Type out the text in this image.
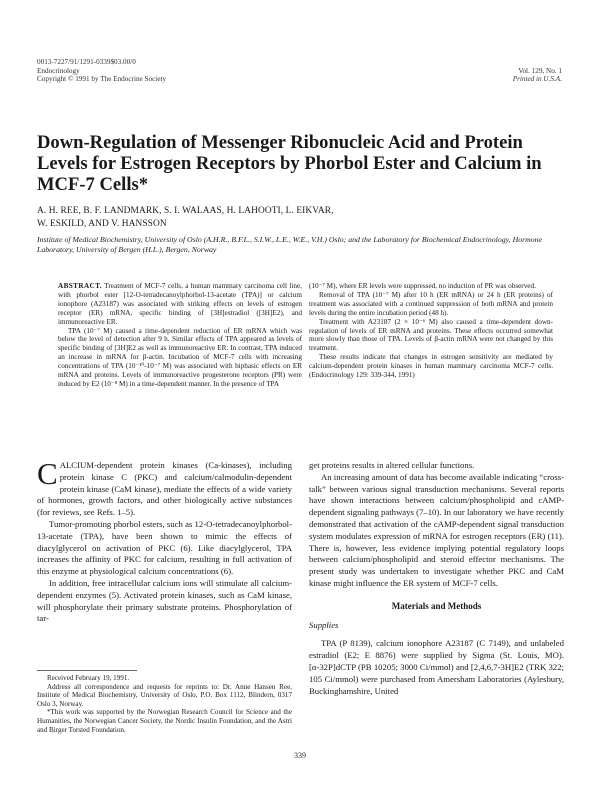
0013-7227/91/1291-0339$03.00/0
Endocrinology
Copyright © 1991 by The Endocrine Society

Vol. 129, No. 1
Printed in U.S.A.
Down-Regulation of Messenger Ribonucleic Acid and Protein Levels for Estrogen Receptors by Phorbol Ester and Calcium in MCF-7 Cells*
A. H. REE, B. F. LANDMARK, S. I. WALAAS, H. LAHOOTI, L. EIKVAR,
W. ESKILD, AND V. HANSSON
Institute of Medical Biochemistry, University of Oslo (A.H.R., B.F.L., S.I.W., L.E., W.E., V.H.) Oslo; and the Laboratory for Biochemical Endocrinology, Hormone Laboratory, University of Bergen (H.L.), Bergen, Norway

ABSTRACT. Treatment of MCF-7 cells, a human mammary carcinoma cell line, with phorbol ester [12-O-tetradecanoylphorbol-13-acetate (TPA)] or calcium ionophore (A23187) was associated with striking effects on levels of estrogen receptor (ER) mRNA, specific binding of [3H]estradiol ([3H]E2), and immunoreactive ER.

TPA (10⁻⁷ M) caused a time-dependent reduction of ER mRNA which was below the level of detection after 9 h. Similar effects of TPA appeared as levels of specific binding of [3H]E2 as well as immunoreactive ER. In contrast, TPA induced an increase in mRNA for β-actin. Incubation of MCF-7 cells with increasing concentrations of TPA (10⁻¹⁰-10⁻⁷ M) was associated with biphasic effects on ER mRNA and proteins. Levels of immunoreactive progesterone receptors (PR) were induced by E2 (10⁻⁸ M) in a time-dependent manner. In the presence of TPA

(10⁻⁷ M), where ER levels were suppressed, no induction of PR was observed.

Removal of TPA (10⁻⁷ M) after 10 h (ER mRNA) or 24 h (ER proteins) of treatment was associated with a continued suppression of both mRNA and protein levels during the entire incubation period (48 h).

Treatment with A23187 (2 × 10⁻⁶ M) also caused a time-dependent down-regulation of levels of ER mRNA and proteins. These effects occurred somewhat more slowly than those of TPA. Levels of β-actin mRNA were not changed by this treatment.

These results indicate that changes in estrogen sensitivity are mediated by calcium-dependent protein kinases in human mammary carcinoma MCF-7 cells. (Endocrinology 129: 339-344, 1991)

CALCIUM-dependent protein kinases (Ca-kinases), including protein kinase C (PKC) and calcium/calmodulin-dependent protein kinase (CaM kinase), mediate the effects of a wide variety of hormones, growth factors, and other biologically active substances (for reviews, see Refs. 1–5).

Tumor-promoting phorbol esters, such as 12-O-tetradecanoylphorbol-13-acetate (TPA), have been shown to mimic the effects of diacylglycerol on activation of PKC (6). Like diacylglycerol, TPA increases the affinity of PKC for calcium, resulting in full activation of this enzyme at physiological calcium concentrations (6).

In addition, free intracellular calcium ions will stimulate all calcium-dependent enzymes (5). Activated protein kinases, such as CaM kinase, will phosphorylate their primary substrate proteins. Phosphorylation of tar-

get proteins results in altered cellular functions.

An increasing amount of data has become available indicating “cross-talk” between various signal transduction mechanisms. Several reports have shown interactions between calcium/phospholipid and cAMP-dependent signaling pathways (7–10). In our laboratory we have recently demonstrated that activation of the cAMP-dependent signal transduction system modulates expression of mRNA for estrogen receptors (ER) (11). There is, however, less evidence implying potential regulatory loops between calcium/phospholipid and steroid effector mechanisms. The present study was undertaken to investigate whether PKC and CaM kinase might influence the ER system of MCF-7 cells.

Materials and Methods
Supplies

TPA (P 8139), calcium ionophore A23187 (C 7149), and unlabeled estradiol (E2; E 8876) were supplied by Sigma (St. Louis, MO). [α-32P]dCTP (PB 10205; 3000 Ci/mmol) and [2,4,6,7-3H]E2 (TRK 322; 105 Ci/mmol) were purchased from Amersham Laboratories (Aylesbury, Buckinghamshire, United

Received February 19, 1991.

Address all correspondence and requests for reprints to: Dr. Anne Hansen Ree, Institute of Medical Biochemistry, University of Oslo, P.O. Box 1112, Blindern, 0317 Oslo 3, Norway.

*This work was supported by the Norwegian Research Council for Science and the Humanities, the Norwegian Cancer Society, the Nordic Insulin Foundation, and the Astri and Birger Torsted Foundation.

339
